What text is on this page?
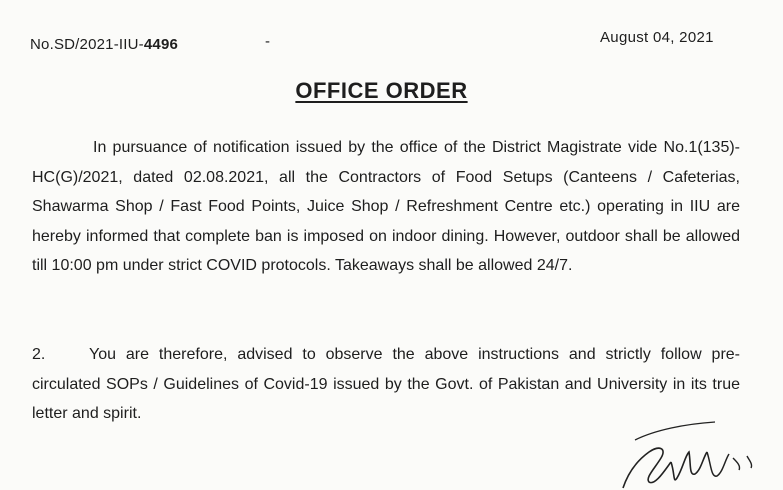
No.SD/2021-IIU-4496	-	August 04, 2021
OFFICE ORDER

In pursuance of notification issued by the office of the District Magistrate vide No.1(135)-HC(G)/2021, dated 02.08.2021, all the Contractors of Food Setups (Canteens / Cafeterias, Shawarma Shop / Fast Food Points, Juice Shop / Refreshment Centre etc.) operating in IIU are hereby informed that complete ban is imposed on indoor dining. However, outdoor shall be allowed till 10:00 pm under strict COVID protocols. Takeaways shall be allowed 24/7.

2.	You are therefore, advised to observe the above instructions and strictly follow pre-circulated SOPs / Guidelines of Covid-19 issued by the Govt. of Pakistan and University in its true letter and spirit.
